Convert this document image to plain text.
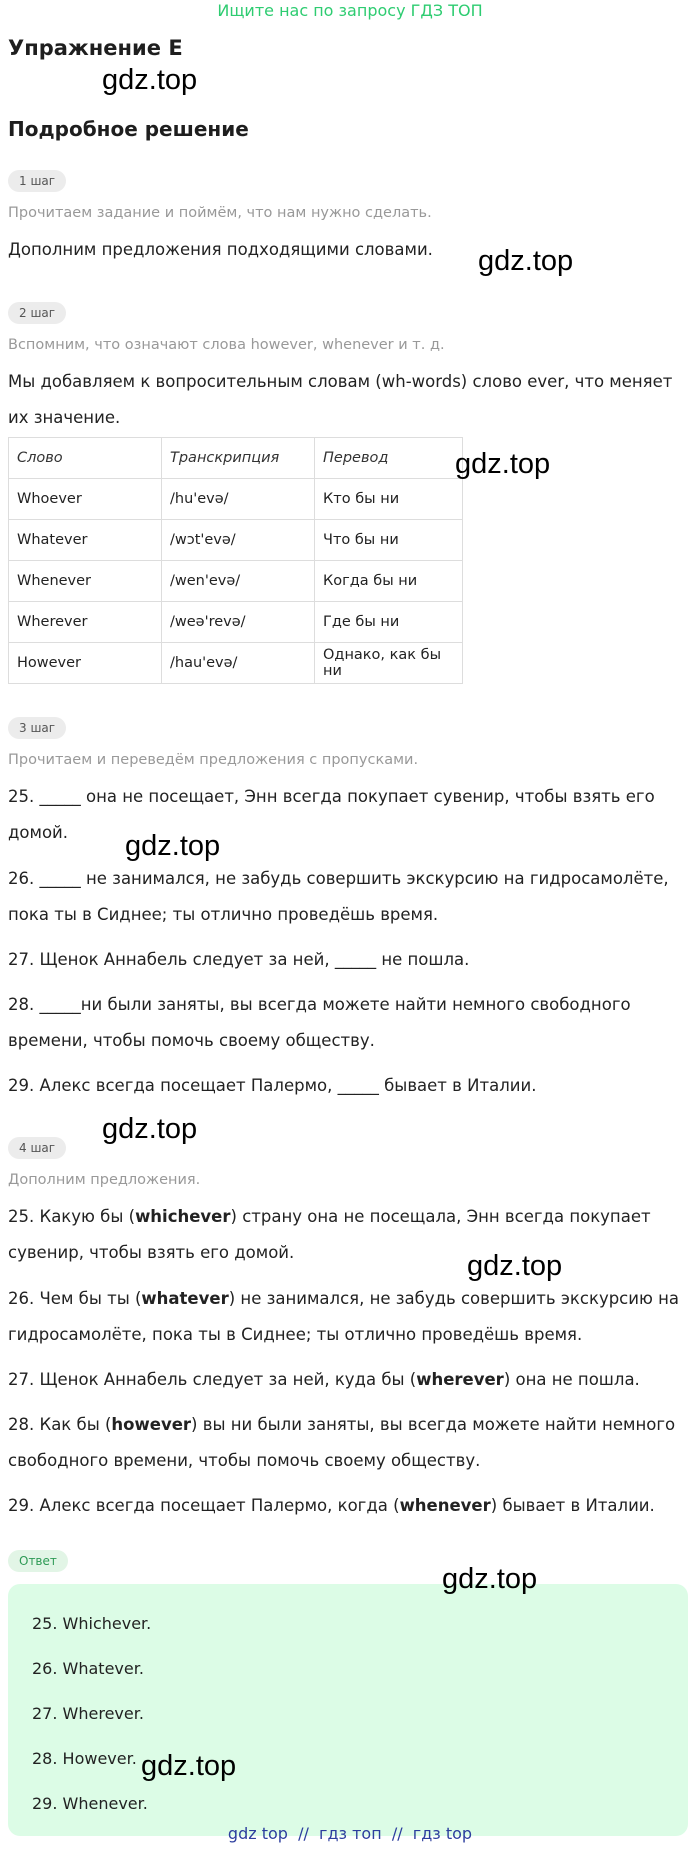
Ищите нас по запросу ГДЗ ТОП
Упражнение E
gdz.top
Подробное решение
1 шаг
Прочитаем задание и поймём, что нам нужно сделать.
Дополним предложения подходящими словами.	gdz.top
2 шаг
Вспомним, что означают слова however, whenever и т. д.
Мы добавляем к вопросительным словам (wh-words) слово ever, что меняет их значение.
Слово	Транскрипция	Перевод
Whoever	/hu'evə/	Кто бы ни
Whatever	/wɔt'evə/	Что бы ни
Whenever	/wen'evə/	Когда бы ни
Wherever	/weə'revə/	Где бы ни
However	/hau'evə/	Однако, как бы ни
gdz.top
3 шаг
Прочитаем и переведём предложения с пропусками.
25. _____ она не посещает, Энн всегда покупает сувенир, чтобы взять его домой.	gdz.top
26. _____ не занимался, не забудь совершить экскурсию на гидросамолёте, пока ты в Сиднее; ты отлично проведёшь время.
27. Щенок Аннабель следует за ней, _____ не пошла.
28. _____ни были заняты, вы всегда можете найти немного свободного времени, чтобы помочь своему обществу.
29. Алекс всегда посещает Палермо, _____ бывает в Италии.
gdz.top
4 шаг
Дополним предложения.
25. Какую бы (whichever) страну она не посещала, Энн всегда покупает сувенир, чтобы взять его домой.	gdz.top
26. Чем бы ты (whatever) не занимался, не забудь совершить экскурсию на гидросамолёте, пока ты в Сиднее; ты отлично проведёшь время.
27. Щенок Аннабель следует за ней, куда бы (wherever) она не пошла.
28. Как бы (however) вы ни были заняты, вы всегда можете найти немного свободного времени, чтобы помочь своему обществу.
29. Алекс всегда посещает Палермо, когда (whenever) бывает в Италии.
Ответ
gdz.top
25. Whichever.
26. Whatever.
27. Wherever.
28. However. gdz.top
29. Whenever.
gdz top  //  гдз топ  //  гдз top
